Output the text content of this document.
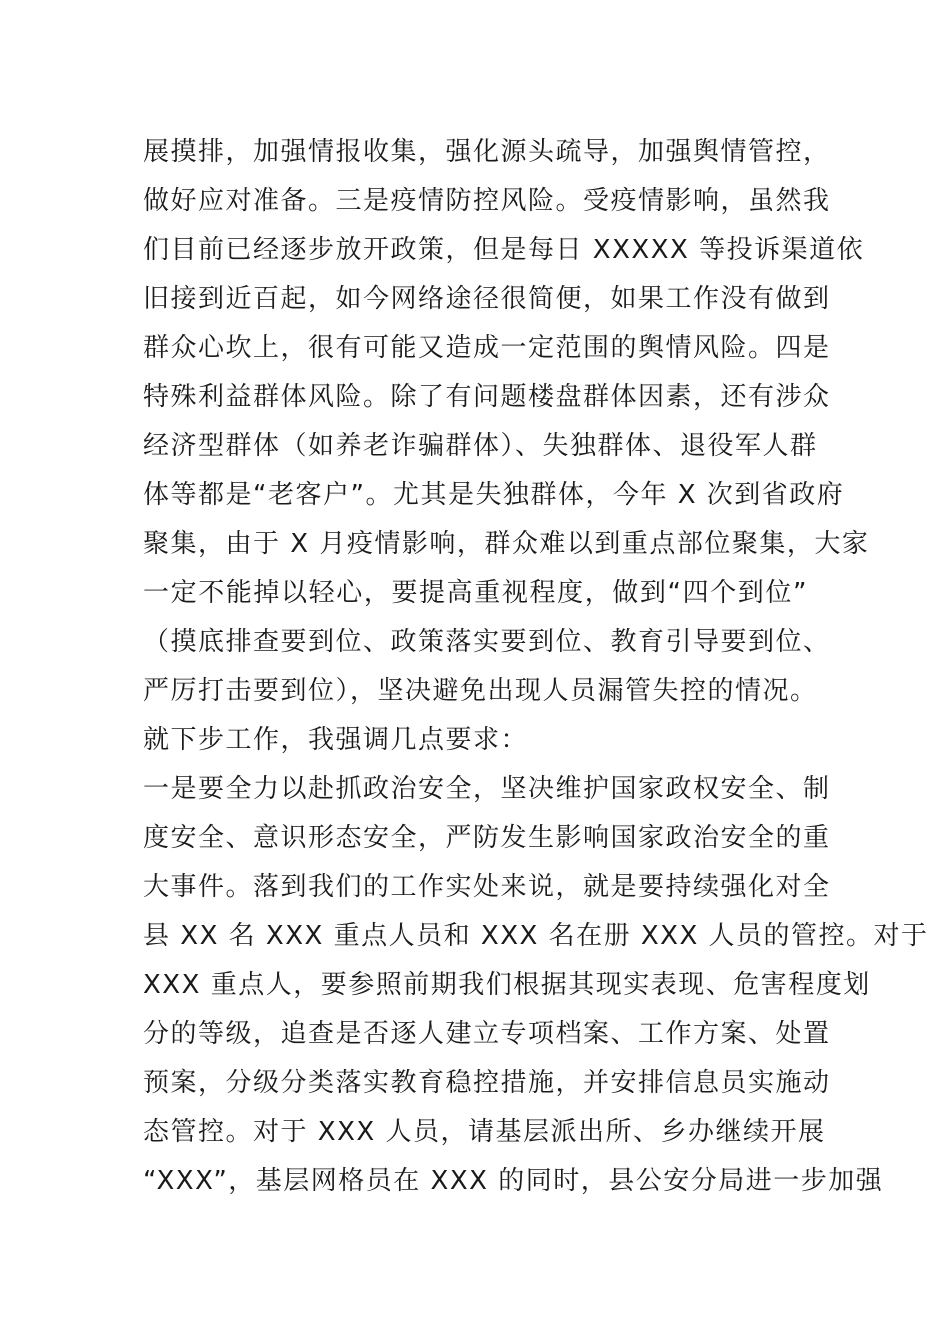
展摸排，加强情报收集，强化源头疏导，加强舆情管控，
做好应对准备。三是疫情防控风险。受疫情影响，虽然我
们目前已经逐步放开政策，但是每日 XXXXX 等投诉渠道依
旧接到近百起，如今网络途径很简便，如果工作没有做到
群众心坎上，很有可能又造成一定范围的舆情风险。四是
特殊利益群体风险。除了有问题楼盘群体因素，还有涉众
经济型群体（如养老诈骗群体）、失独群体、退役军人群
体等都是“老客户”。尤其是失独群体，今年 X 次到省政府
聚集，由于 X 月疫情影响，群众难以到重点部位聚集，大家
一定不能掉以轻心，要提高重视程度，做到“四个到位”
（摸底排查要到位、政策落实要到位、教育引导要到位、
严厉打击要到位），坚决避免出现人员漏管失控的情况。
就下步工作，我强调几点要求：
一是要全力以赴抓政治安全，坚决维护国家政权安全、制
度安全、意识形态安全，严防发生影响国家政治安全的重
大事件。落到我们的工作实处来说，就是要持续强化对全
县 XX 名 XXX 重点人员和 XXX 名在册 XXX 人员的管控。对于
XXX 重点人，要参照前期我们根据其现实表现、危害程度划
分的等级，追查是否逐人建立专项档案、工作方案、处置
预案，分级分类落实教育稳控措施，并安排信息员实施动
态管控。对于 XXX 人员，请基层派出所、乡办继续开展
“XXX”，基层网格员在 XXX 的同时，县公安分局进一步加强
